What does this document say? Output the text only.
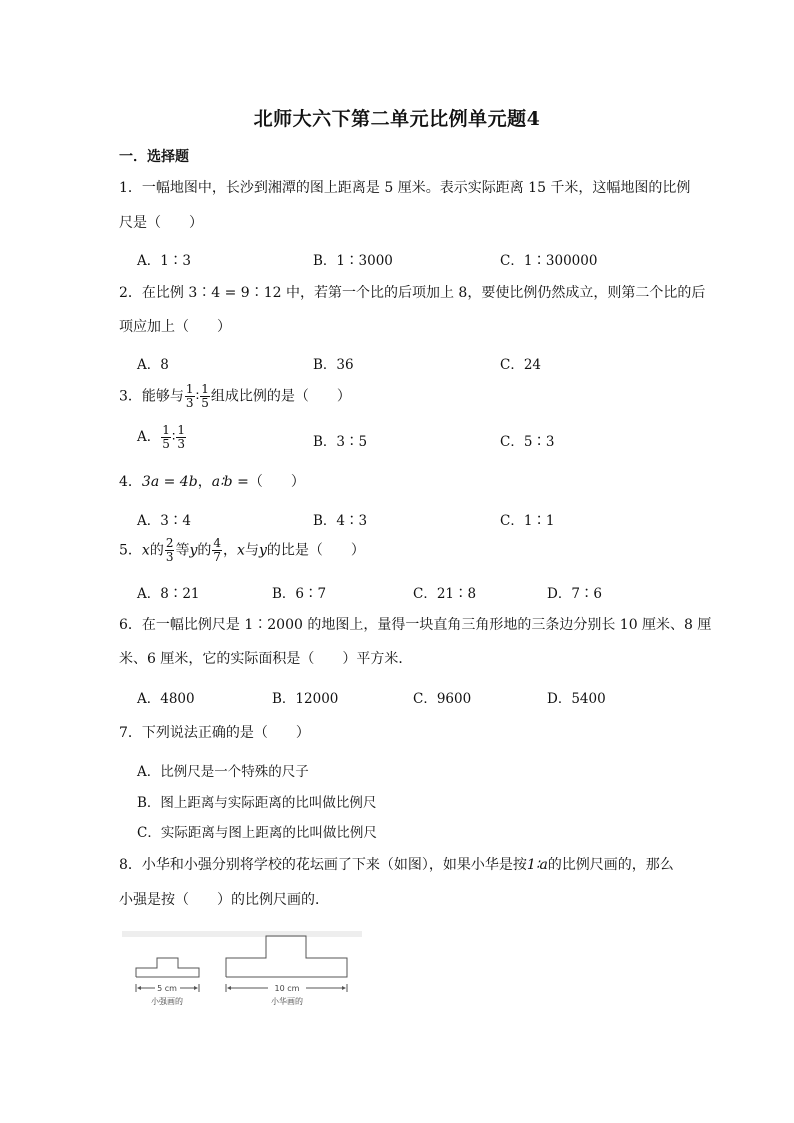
北师大六下第二单元比例单元题4
一．选择题
1．一幅地图中，长沙到湘潭的图上距离是 5 厘米。表示实际距离 15 千米，这幅地图的比例
尺是（　　）
A．1∶3	B．1∶3000	C．1∶300000
2．在比例 3∶4 = 9∶12 中，若第一个比的后项加上 8，要使比例仍然成立，则第二个比的后
项应加上（　　）
A．8	B．36	C．24
3．能够与 $\frac{1}{3}$ ∶ $\frac{1}{5}$ 组成比例的是（　　）
A． $\frac{1}{5}$ ∶ $\frac{1}{3}$	B．3∶5	C．5∶3
4．3a = 4b，a∶b =（　　）
A．3∶4	B．4∶3	C．1∶1
5．x的 $\frac{2}{3}$ 等y的 $\frac{4}{7}$ ，x与y的比是（　　）
A．8∶21	B．6∶7	C．21∶8	D．7∶6
6．在一幅比例尺是 1∶2000 的地图上，量得一块直角三角形地的三条边分别长 10 厘米、8 厘
米、6 厘米，它的实际面积是（　　）平方米．
A．4800	B．12000	C．9600	D．5400
7．下列说法正确的是（　　）
A．比例尺是一个特殊的尺子
B．图上距离与实际距离的比叫做比例尺
C．实际距离与图上距离的比叫做比例尺
8．小华和小强分别将学校的花坛画了下来（如图），如果小华是按1∶a的比例尺画的，那么
小强是按（　　）的比例尺画的．
5 cm
小强画的
10 cm
小华画的
